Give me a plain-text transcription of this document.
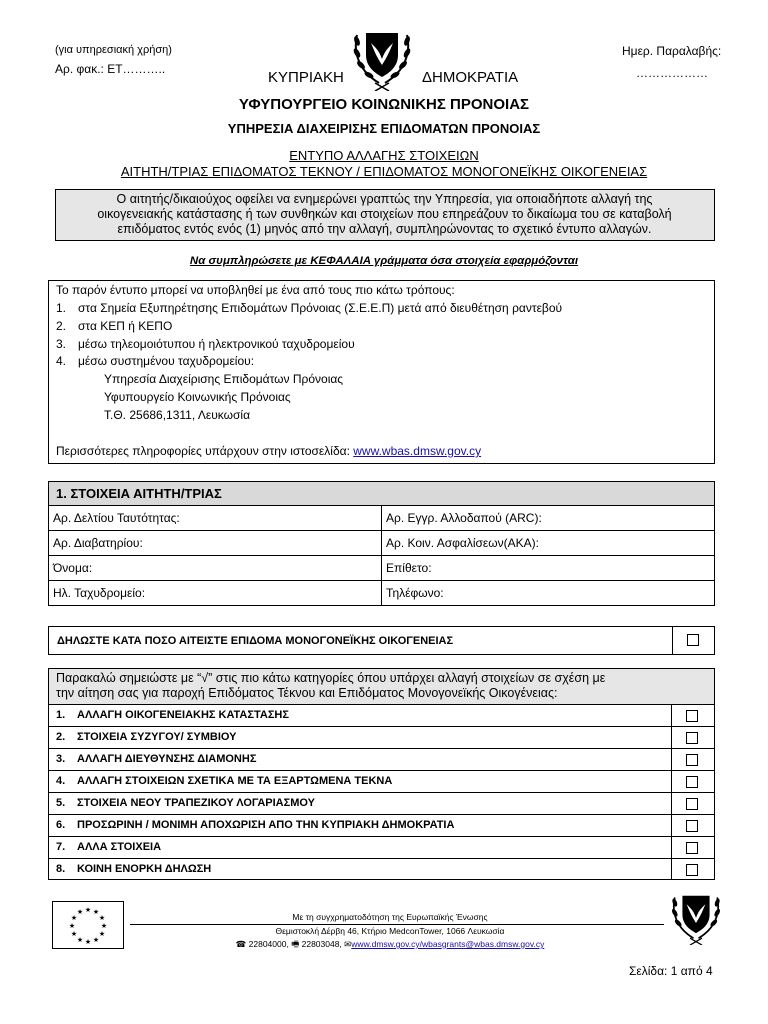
(για υπηρεσιακή χρήση)
Αρ. φακ.: ΕΤ………..
Ημερ. Παραλαβής:
………………
ΚΥΠΡΙΑΚΗ	ΔΗΜΟΚΡΑΤΙΑ
ΥΦΥΠΟΥΡΓΕΙΟ ΚΟΙΝΩΝΙΚΗΣ ΠΡΟΝΟΙΑΣ
ΥΠΗΡΕΣΙΑ ΔΙΑΧΕΙΡΙΣΗΣ ΕΠΙΔΟΜΑΤΩΝ ΠΡΟΝΟΙΑΣ
ΕΝΤΥΠΟ ΑΛΛΑΓΗΣ ΣΤΟΙΧΕΙΩΝ
ΑΙΤΗΤΗ/ΤΡΙΑΣ ΕΠΙΔΟΜΑΤΟΣ ΤΕΚΝΟΥ / ΕΠΙΔΟΜΑΤΟΣ ΜΟΝΟΓΟΝΕΪΚΗΣ ΟΙΚΟΓΕΝΕΙΑΣ
Ο αιτητής/δικαιούχος οφείλει να ενημερώνει γραπτώς την Υπηρεσία, για οποιαδήποτε αλλαγή της
οικογενειακής κατάστασης ή των συνθηκών και στοιχείων που επηρεάζουν το δικαίωμα του σε καταβολή
επιδόματος εντός ενός (1) μηνός από την αλλαγή, συμπληρώνοντας το σχετικό έντυπο αλλαγών.
Να συμπληρώσετε με ΚΕΦΑΛΑΙΑ γράμματα όσα στοιχεία εφαρμόζονται
Το παρόν έντυπο μπορεί να υποβληθεί με ένα από τους πιο κάτω τρόπους:
1. στα Σημεία Εξυπηρέτησης Επιδομάτων Πρόνοιας (Σ.Ε.Ε.Π) μετά από διευθέτηση ραντεβού
2. στα ΚΕΠ ή ΚΕΠΟ
3. μέσω τηλεομοιότυπου ή ηλεκτρονικού ταχυδρομείου
4. μέσω συστημένου ταχυδρομείου:
Υπηρεσία Διαχείρισης Επιδομάτων Πρόνοιας
Υφυπουργείο Κοινωνικής Πρόνοιας
Τ.Θ. 25686,1311, Λευκωσία
Περισσότερες πληροφορίες υπάρχουν στην ιστοσελίδα: www.wbas.dmsw.gov.cy
1. ΣΤΟΙΧΕΙΑ ΑΙΤΗΤΗ/ΤΡΙΑΣ
Αρ. Δελτίου Ταυτότητας:	Αρ. Εγγρ. Αλλοδαπού (ARC):
Αρ. Διαβατηρίου:	Αρ. Κοιν. Ασφαλίσεων(ΑΚΑ):
Όνομα:	Επίθετο:
Ηλ. Ταχυδρομείο:	Τηλέφωνο:
ΔΗΛΩΣΤΕ ΚΑΤΑ ΠΟΣΟ ΑΙΤΕΙΣΤΕ ΕΠΙΔΟΜΑ ΜΟΝΟΓΟΝΕΪΚΗΣ ΟΙΚΟΓΕΝΕΙΑΣ
Παρακαλώ σημειώστε με “√” στις πιο κάτω κατηγορίες όπου υπάρχει αλλαγή στοιχείων σε σχέση με
την αίτηση σας για παροχή Επιδόματος Τέκνου και Επιδόματος Μονογονεϊκής Οικογένειας:
1. ΑΛΛΑΓΗ ΟΙΚΟΓΕΝΕΙΑΚΗΣ ΚΑΤΑΣΤΑΣΗΣ
2. ΣΤΟΙΧΕΙΑ ΣΥΖΥΓΟΥ/ ΣΥΜΒΙΟΥ
3. ΑΛΛΑΓΗ ΔΙΕΥΘΥΝΣΗΣ ΔΙΑΜΟΝΗΣ
4. ΑΛΛΑΓΗ ΣΤΟΙΧΕΙΩΝ ΣΧΕΤΙΚΑ ΜΕ ΤΑ ΕΞΑΡΤΩΜΕΝΑ ΤΕΚΝΑ
5. ΣΤΟΙΧΕΙΑ ΝΕΟΥ ΤΡΑΠΕΖΙΚΟΥ ΛΟΓΑΡΙΑΣΜΟΥ
6. ΠΡΟΣΩΡΙΝΗ / ΜΟΝΙΜΗ ΑΠΟΧΩΡΙΣΗ ΑΠΟ ΤΗΝ ΚΥΠΡΙΑΚΗ ΔΗΜΟΚΡΑΤΙΑ
7. ΑΛΛΑ ΣΤΟΙΧΕΙΑ
8. ΚΟΙΝΗ ΕΝΟΡΚΗ ΔΗΛΩΣΗ
★ ★
★
★
★
★
★
★
★
★
★
★	Με τη συγχρηματοδότηση της Ευρωπαϊκής Ένωσης
Θεμιστοκλή Δέρβη 46, Κτήριο MedconTower, 1066 Λευκωσία
☎ 22804000, 🖷 22803048, ✉www.dmsw.gov.cy/wbasgrants@wbas.dmsw.gov.cy
Σελίδα: 1 από 4
